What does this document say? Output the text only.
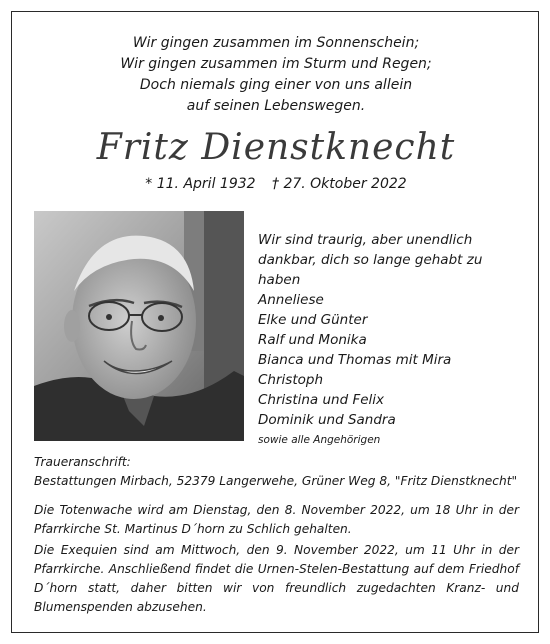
Wir gingen zusammen im Sonnenschein;
Wir gingen zusammen im Sturm und Regen;
Doch niemals ging einer von uns allein
auf seinen Lebenswegen.
Fritz Dienstknecht
* 11. April 1932 † 27. Oktober 2022
Wir sind traurig, aber unendlich
dankbar, dich so lange gehabt zu haben
Anneliese
Elke und Günter
Ralf und Monika
Bianca und Thomas mit Mira
Christoph
Christina und Felix
Dominik und Sandra
sowie alle Angehörigen
Traueranschrift:
Bestattungen Mirbach, 52379 Langerwehe, Grüner Weg 8, "Fritz Dienstknecht"
Die Totenwache wird am Dienstag, den 8. November 2022, um 18 Uhr in der Pfarrkirche St. Martinus D´horn zu Schlich gehalten.
Die Exequien sind am Mittwoch, den 9. November 2022, um 11 Uhr in der Pfarrkirche. Anschließend findet die Urnen-Stelen-Bestattung auf dem Friedhof D´horn statt, daher bitten wir von freundlich zugedachten Kranz- und Blumenspenden abzusehen.
